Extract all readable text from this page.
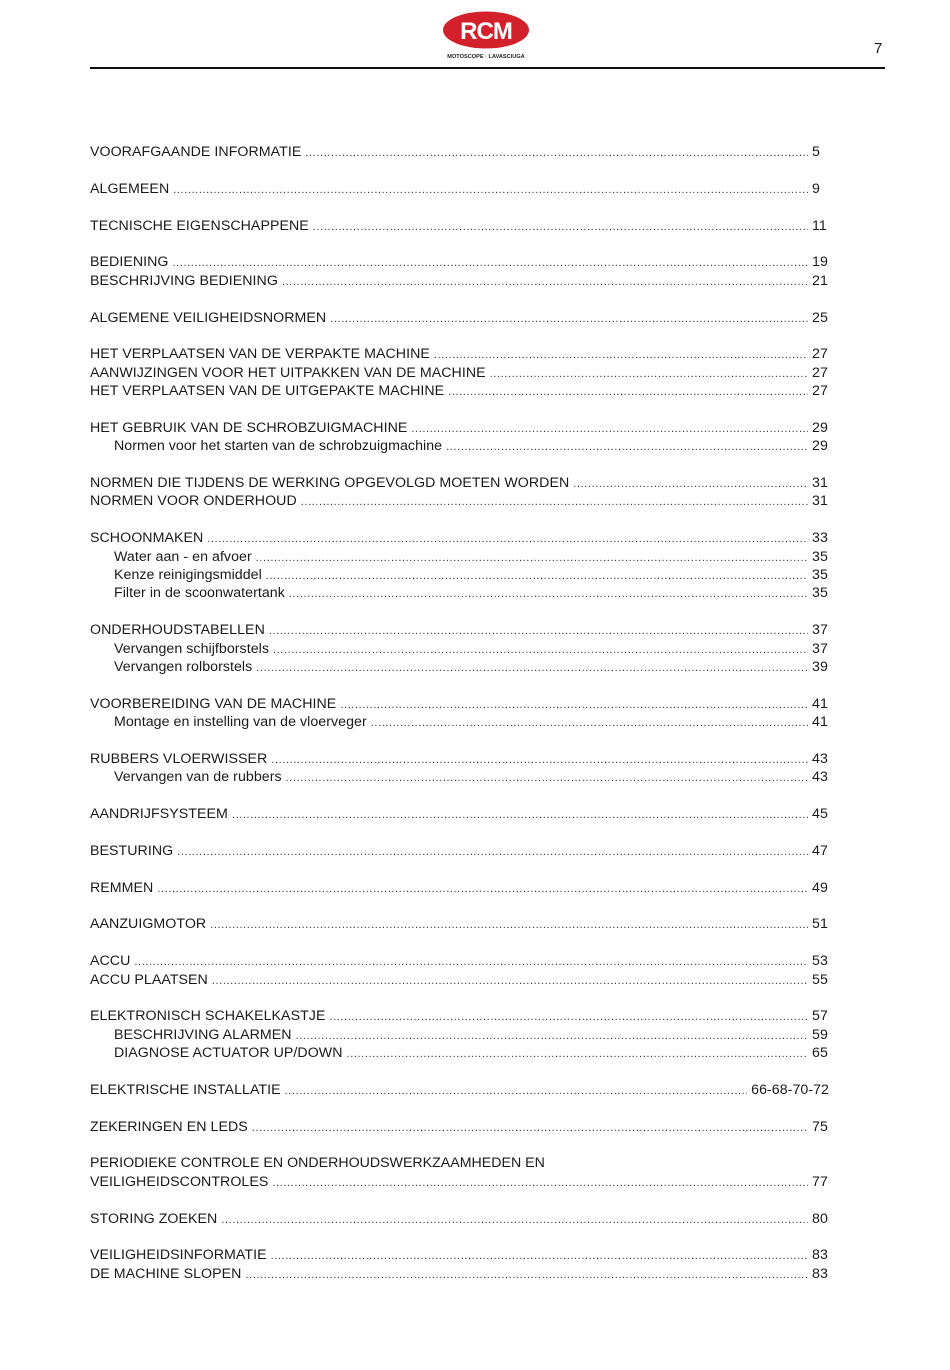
RCM
MOTOSCOPE · LAVASCIUGA	7
VOORAFGAANDE INFORMATIE .....	5
ALGEMEEN .....	9
TECNISCHE EIGENSCHAPPENE .....	11
BEDIENING .....	19
BESCHRIJVING BEDIENING .....	21
ALGEMENE VEILIGHEIDSNORMEN .....	25
HET VERPLAATSEN VAN DE VERPAKTE MACHINE .....	27
AANWIJZINGEN VOOR HET UITPAKKEN VAN DE MACHINE .....	27
HET VERPLAATSEN VAN DE UITGEPAKTE MACHINE .....	27
HET GEBRUIK VAN DE SCHROBZUIGMACHINE .....	29
Normen voor het starten van de schrobzuigmachine .....	29
NORMEN DIE TIJDENS DE WERKING OPGEVOLGD MOETEN WORDEN .....	31
NORMEN VOOR ONDERHOUD .....	31
SCHOONMAKEN .....	33
Water aan - en afvoer .....	35
Kenze reinigingsmiddel .....	35
Filter in de scoonwatertank .....	35
ONDERHOUDSTABELLEN .....	37
Vervangen schijfborstels .....	37
Vervangen rolborstels .....	39
VOORBEREIDING VAN DE MACHINE .....	41
Montage en instelling van de vloerveger .....	41
RUBBERS VLOERWISSER .....	43
Vervangen van de rubbers .....	43
AANDRIJFSYSTEEM .....	45
BESTURING .....	47
REMMEN .....	49
AANZUIGMOTOR .....	51
ACCU .....	53
ACCU PLAATSEN .....	55
ELEKTRONISCH SCHAKELKASTJE .....	57
BESCHRIJVING ALARMEN .....	59
DIAGNOSE ACTUATOR UP/DOWN .....	65
ELEKTRISCHE INSTALLATIE .....	66-68-70-72
ZEKERINGEN EN LEDS .....	75
PERIODIEKE CONTROLE EN ONDERHOUDSWERKZAAMHEDEN EN
VEILIGHEIDSCONTROLES .....	77
STORING ZOEKEN .....	80
VEILIGHEIDSINFORMATIE .....	83
DE MACHINE SLOPEN .....	83
